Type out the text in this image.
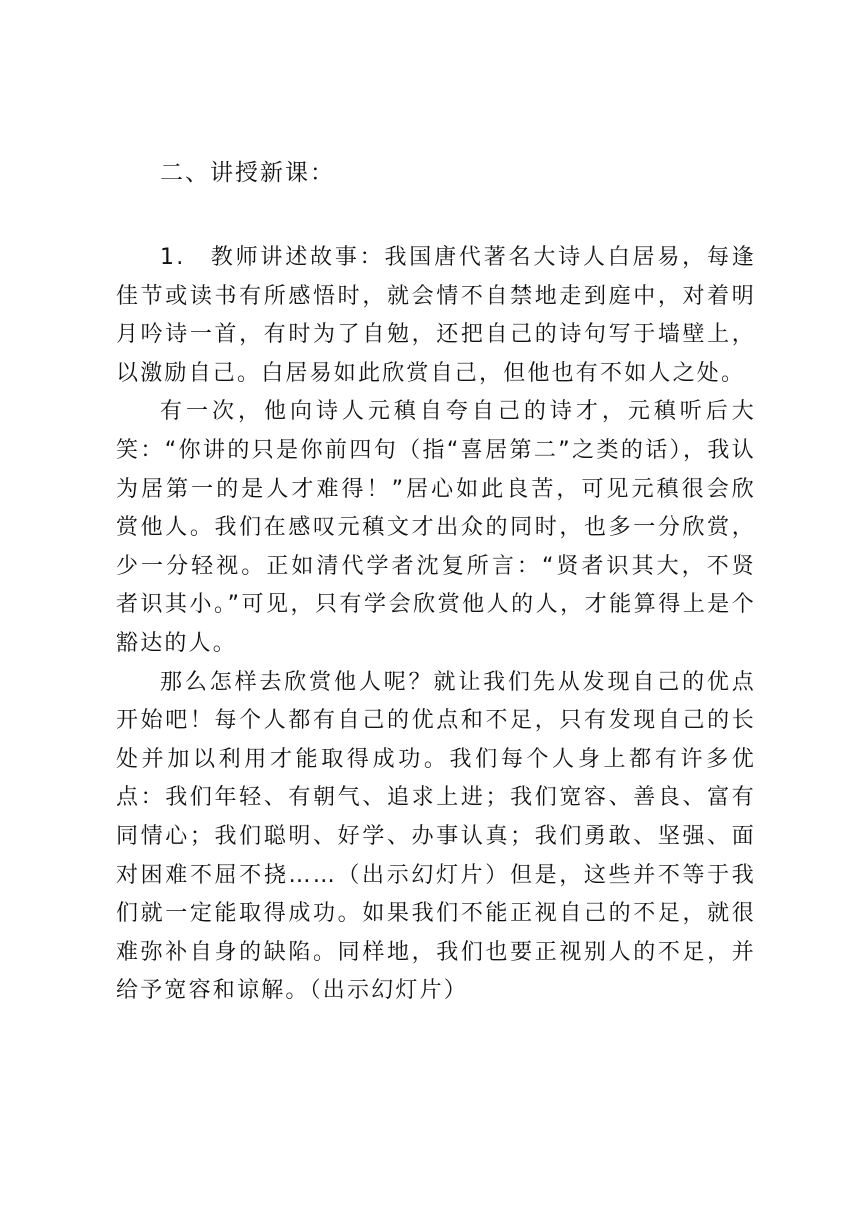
二、讲授新课：

1.　教师讲述故事：我国唐代著名大诗人白居易，每逢佳节或读书有所感悟时，就会情不自禁地走到庭中，对着明月吟诗一首，有时为了自勉，还把自己的诗句写于墙壁上，以激励自己。白居易如此欣赏自己，但他也有不如人之处。

有一次，他向诗人元稹自夸自己的诗才，元稹听后大笑：“你讲的只是你前四句（指“喜居第二”之类的话），我认为居第一的是人才难得！”居心如此良苦，可见元稹很会欣赏他人。我们在感叹元稹文才出众的同时，也多一分欣赏，少一分轻视。正如清代学者沈复所言：“贤者识其大，不贤者识其小。”可见，只有学会欣赏他人的人，才能算得上是个豁达的人。

那么怎样去欣赏他人呢？就让我们先从发现自己的优点开始吧！每个人都有自己的优点和不足，只有发现自己的长处并加以利用才能取得成功。我们每个人身上都有许多优点：我们年轻、有朝气、追求上进；我们宽容、善良、富有同情心；我们聪明、好学、办事认真；我们勇敢、坚强、面对困难不屈不挠……（出示幻灯片）但是，这些并不等于我们就一定能取得成功。如果我们不能正视自己的不足，就很难弥补自身的缺陷。同样地，我们也要正视别人的不足，并给予宽容和谅解。（出示幻灯片）
